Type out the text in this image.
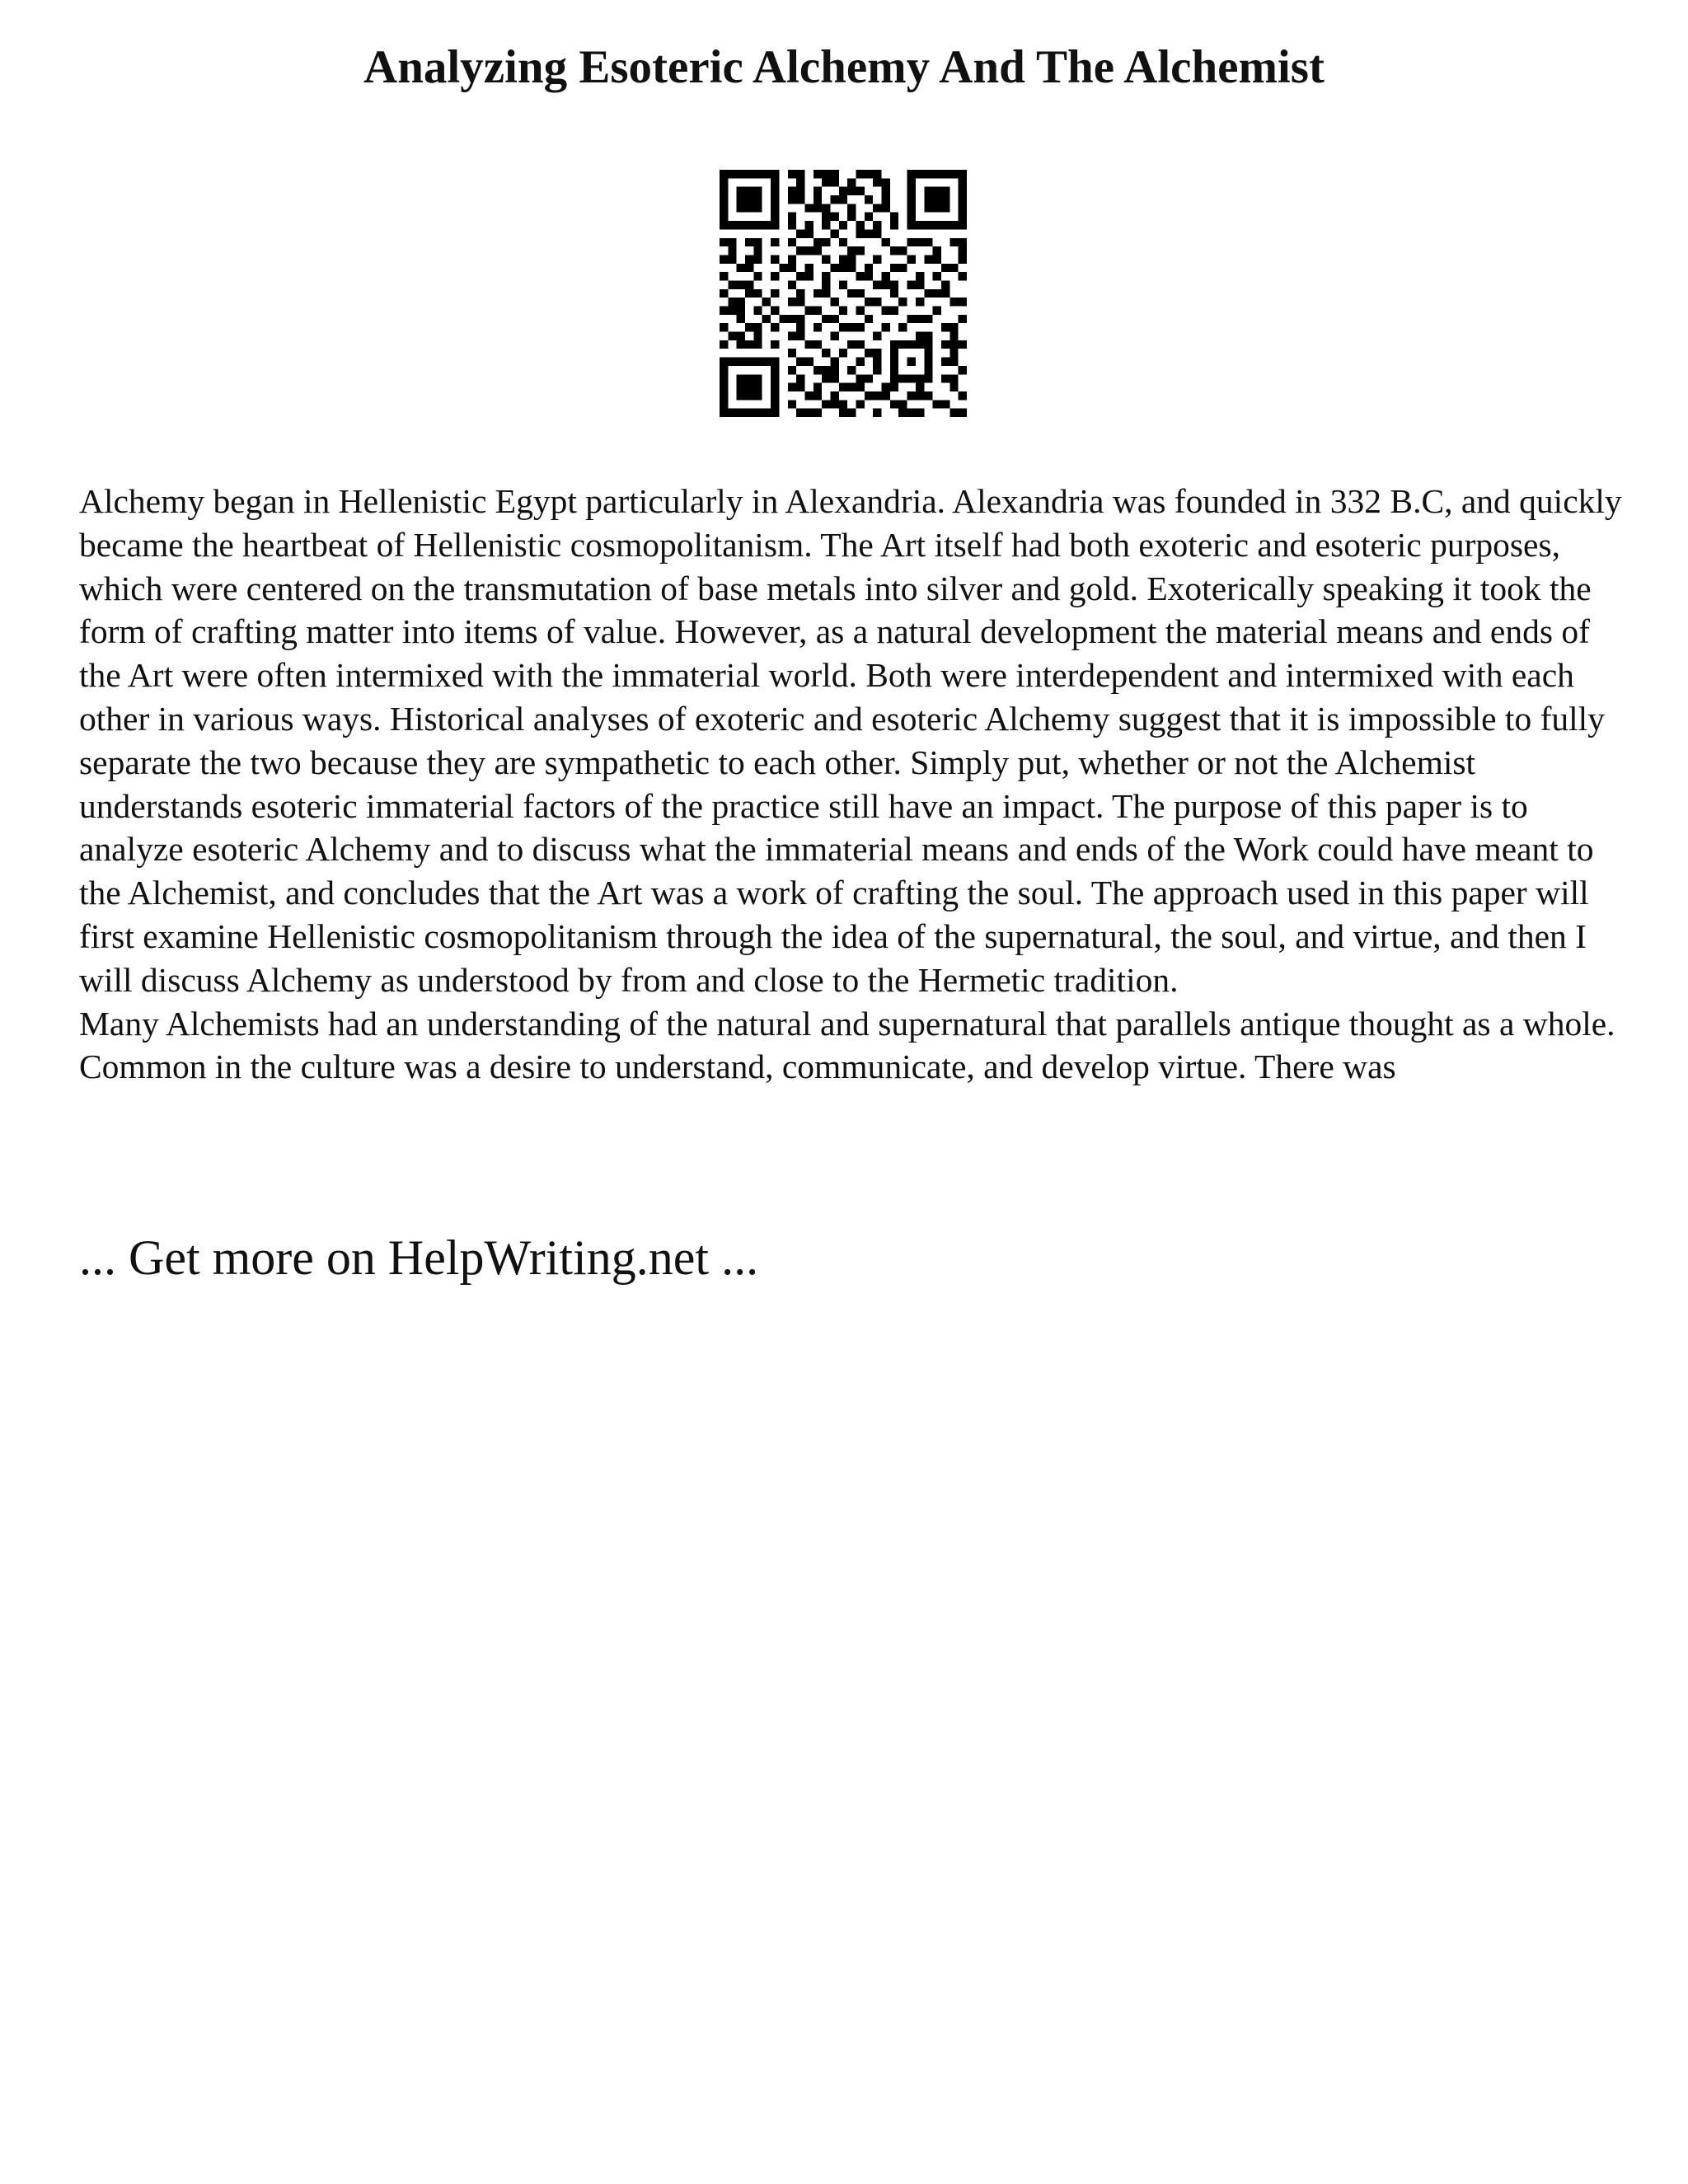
Analyzing Esoteric Alchemy And The Alchemist

Alchemy began in Hellenistic Egypt particularly in Alexandria. Alexandria was founded in 332 B.C, and quickly became the heartbeat of Hellenistic cosmopolitanism. The Art itself had both exoteric and esoteric purposes, which were centered on the transmutation of base metals into silver and gold. Exoterically speaking it took the form of crafting matter into items of value. However, as a natural development the material means and ends of the Art were often intermixed with the immaterial world. Both were interdependent and intermixed with each other in various ways. Historical analyses of exoteric and esoteric Alchemy suggest that it is impossible to fully separate the two because they are sympathetic to each other. Simply put, whether or not the Alchemist understands esoteric immaterial factors of the practice still have an impact. The purpose of this paper is to analyze esoteric Alchemy and to discuss what the immaterial means and ends of the Work could have meant to the Alchemist, and concludes that the Art was a work of crafting the soul. The approach used in this paper will first examine Hellenistic cosmopolitanism through the idea of the supernatural, the soul, and virtue, and then I will discuss Alchemy as understood by from and close to the Hermetic tradition.

Many Alchemists had an understanding of the natural and supernatural that parallels antique thought as a whole. Common in the culture was a desire to understand, communicate, and develop virtue. There was

... Get more on HelpWriting.net ...
